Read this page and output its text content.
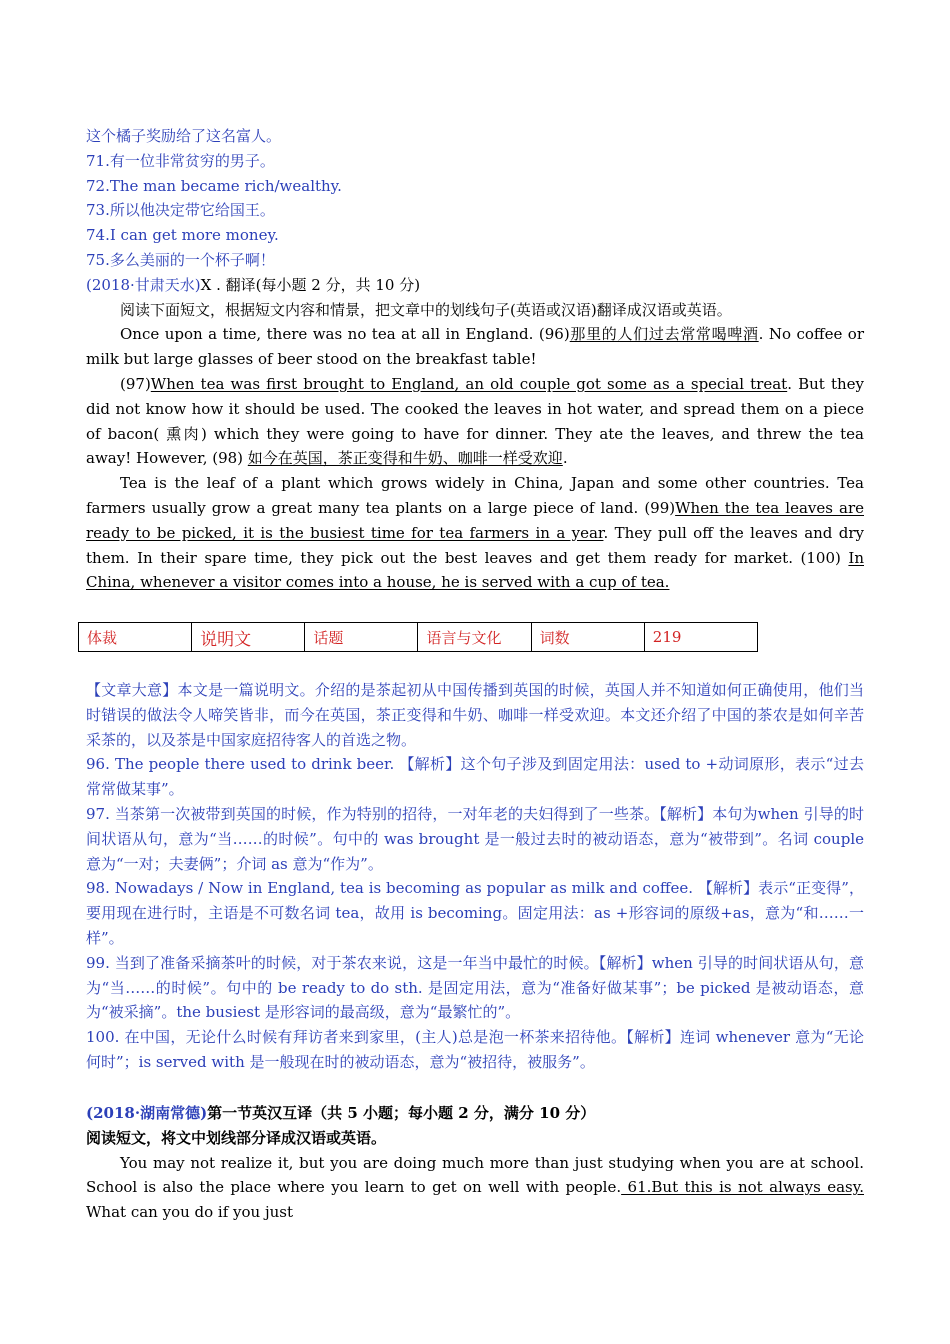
这个橘子奖励给了这名富人。

71.有一位非常贫穷的男子。

72.The man became rich/wealthy.

73.所以他决定带它给国王。

74.I can get more money.

75.多么美丽的一个杯子啊！

(2018·甘肃天水)X . 翻译(每小题 2 分，共 10 分)

阅读下面短文，根据短文内容和情景，把文章中的划线句子(英语或汉语)翻译成汉语或英语。

Once upon a time, there was no tea at all in England. (96)那里的人们过去常常喝啤酒. No coffee or milk but large glasses of beer stood on the breakfast table!

(97)When tea was first brought to England, an old couple got some as a special treat. But they did not know how it should be used. The cooked the leaves in hot water, and spread them on a piece of bacon( 熏肉) which they were going to have for dinner. They ate the leaves, and threw the tea away! However, (98) 如今在英国，茶正变得和牛奶、咖啡一样受欢迎.

Tea is the leaf of a plant which grows widely in China, Japan and some other countries. Tea farmers usually grow a great many tea plants on a large piece of land. (99)When the tea leaves are ready to be picked, it is the busiest time for tea farmers in a year. They pull off the leaves and dry them. In their spare time, they pick out the best leaves and get them ready for market. (100) In China, whenever a visitor comes into a house, he is served with a cup of tea.

体裁	说明文	话题	语言与文化	词数	219

【文章大意】本文是一篇说明文。介绍的是茶起初从中国传播到英国的时候，英国人并不知道如何正确使用，他们当时错误的做法令人啼笑皆非，而今在英国，茶正变得和牛奶、咖啡一样受欢迎。本文还介绍了中国的茶农是如何辛苦采茶的，以及茶是中国家庭招待客人的首选之物。

96. The people there used to drink beer. 【解析】这个句子涉及到固定用法：used to +动词原形，表示“过去常常做某事”。

97. 当茶第一次被带到英国的时候，作为特别的招待，一对年老的夫妇得到了一些茶。【解析】本句为when 引导的时间状语从句，意为“当……的时候”。句中的 was brought 是一般过去时的被动语态，意为“被带到”。名词 couple 意为“一对；夫妻俩”；介词 as 意为“作为”。

98. Nowadays / Now in England, tea is becoming as popular as milk and coffee. 【解析】表示“正变得”，要用现在进行时，主语是不可数名词 tea，故用 is becoming。固定用法：as +形容词的原级+as，意为“和……一样”。

99. 当到了准备采摘茶叶的时候，对于茶农来说，这是一年当中最忙的时候。【解析】when 引导的时间状语从句，意为“当……的时候”。句中的 be ready to do sth. 是固定用法，意为“准备好做某事”；be picked 是被动语态，意为“被采摘”。the busiest 是形容词的最高级，意为“最繁忙的”。

100. 在中国，无论什么时候有拜访者来到家里，(主人)总是泡一杯茶来招待他。【解析】连词 whenever 意为“无论何时”；is served with 是一般现在时的被动语态，意为“被招待，被服务”。

(2018·湖南常德)第一节英汉互译（共 5 小题；每小题 2 分，满分 10 分）

阅读短文，将文中划线部分译成汉语或英语。

You may not realize it, but you are doing much more than just studying when you are at school. School is also the place where you learn to get on well with people. 61.But this is not always easy. What can you do if you just
